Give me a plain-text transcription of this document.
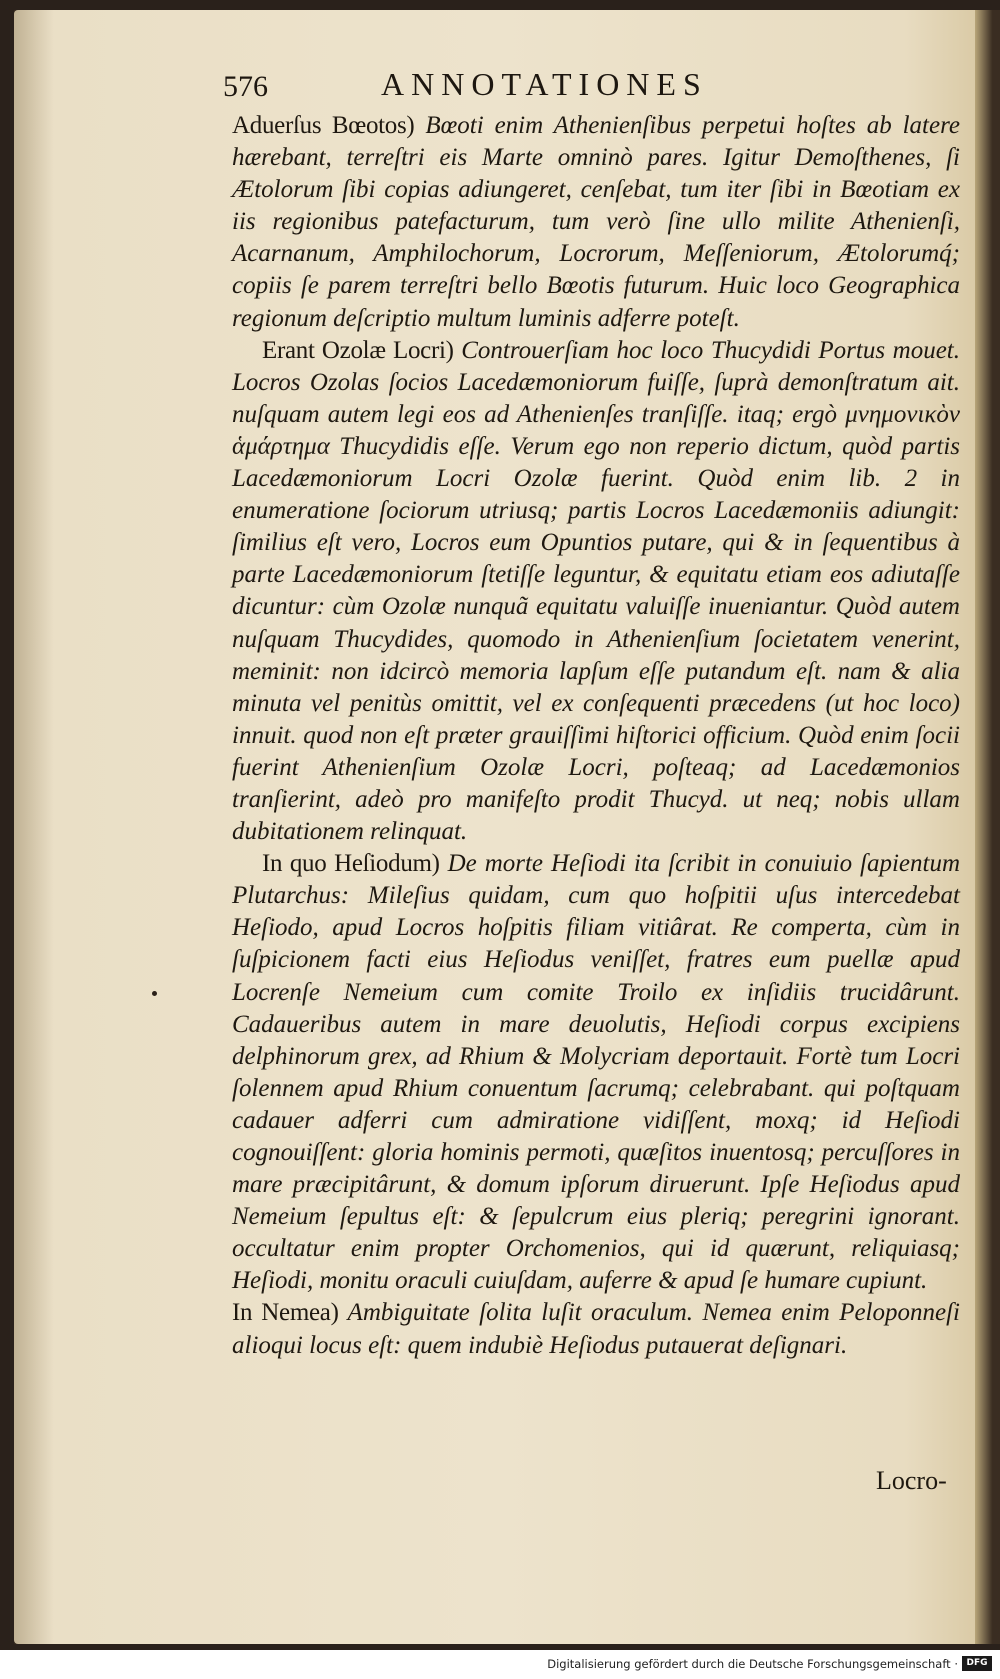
576	ANNOTATIONES

Aduerſus Bœotos) Bœoti enim Athenienſibus perpetui hoſtes ab latere hærebant, terreſtri eis Marte omninò pares. Igitur Demoſthenes, ſi Ætolorum ſibi copias adiungeret, cenſebat, tum iter ſibi in Bœotiam ex iis regionibus patefacturum, tum verò ſine ullo milite Athenienſi, Acarnanum, Amphilochorum, Locrorum, Meſſeniorum, Ætolorumq́; copiis ſe parem terreſtri bello Bœotis futurum. Huic loco Geographica regionum deſcriptio multum luminis adferre poteſt.

Erant Ozolæ Locri) Controuerſiam hoc loco Thucydidi Portus mouet. Locros Ozolas ſocios Lacedæmoniorum fuiſſe, ſuprà demonſtratum ait. nuſquam autem legi eos ad Athenienſes tranſiſſe. itaq; ergò μνημονικὸν ἁμάρτημα Thucydidis eſſe. Verum ego non reperio dictum, quòd partis Lacedæmoniorum Locri Ozolæ fuerint. Quòd enim lib. 2 in enumeratione ſociorum utriusq; partis Locros Lacedæmoniis adiungit: ſimilius eſt vero, Locros eum Opuntios putare, qui & in ſequentibus à parte Lacedæmoniorum ſtetiſſe leguntur, & equitatu etiam eos adiutaſſe dicuntur: cùm Ozolæ nunquã equitatu valuiſſe inueniantur. Quòd autem nuſquam Thucydides, quomodo in Athenienſium ſocietatem venerint, meminit: non idcircò memoria lapſum eſſe putandum eſt. nam & alia minuta vel penitùs omittit, vel ex conſequenti præcedens (ut hoc loco) innuit. quod non eſt præter grauiſſimi hiſtorici officium. Quòd enim ſocii fuerint Athenienſium Ozolæ Locri, poſteaq; ad Lacedæmonios tranſierint, adeò pro manifeſto prodit Thucyd. ut neq; nobis ullam dubitationem relinquat.

In quo Heſiodum) De morte Heſiodi ita ſcribit in conuiuio ſapientum Plutarchus: Mileſius quidam, cum quo hoſpitii uſus intercedebat Heſiodo, apud Locros hoſpitis filiam vitiârat. Re comperta, cùm in ſuſpicionem facti eius Heſiodus veniſſet, fratres eum puellæ apud Locrenſe Nemeium cum comite Troilo ex inſidiis trucidârunt. Cadaueribus autem in mare deuolutis, Heſiodi corpus excipiens delphinorum grex, ad Rhium & Molycriam deportauit. Fortè tum Locri ſolennem apud Rhium conuentum ſacrumq; celebrabant. qui poſtquam cadauer adferri cum admiratione vidiſſent, moxq; id Heſiodi cognouiſſent: gloria hominis permoti, quæſitos inuentosq; percuſſores in mare præcipitârunt, & domum ipſorum diruerunt. Ipſe Heſiodus apud Nemeium ſepultus eſt: & ſepulcrum eius pleriq; peregrini ignorant. occultatur enim propter Orchomenios, qui id quærunt, reliquiasq; Heſiodi, monitu oraculi cuiuſdam, auferre & apud ſe humare cupiunt.

In Nemea) Ambiguitate ſolita luſit oraculum. Nemea enim Peloponneſi alioqui locus eſt: quem indubiè Heſiodus putauerat deſignari.

Locro-
Digitalisierung gefördert durch die Deutsche Forschungsgemeinschaft · DFG
